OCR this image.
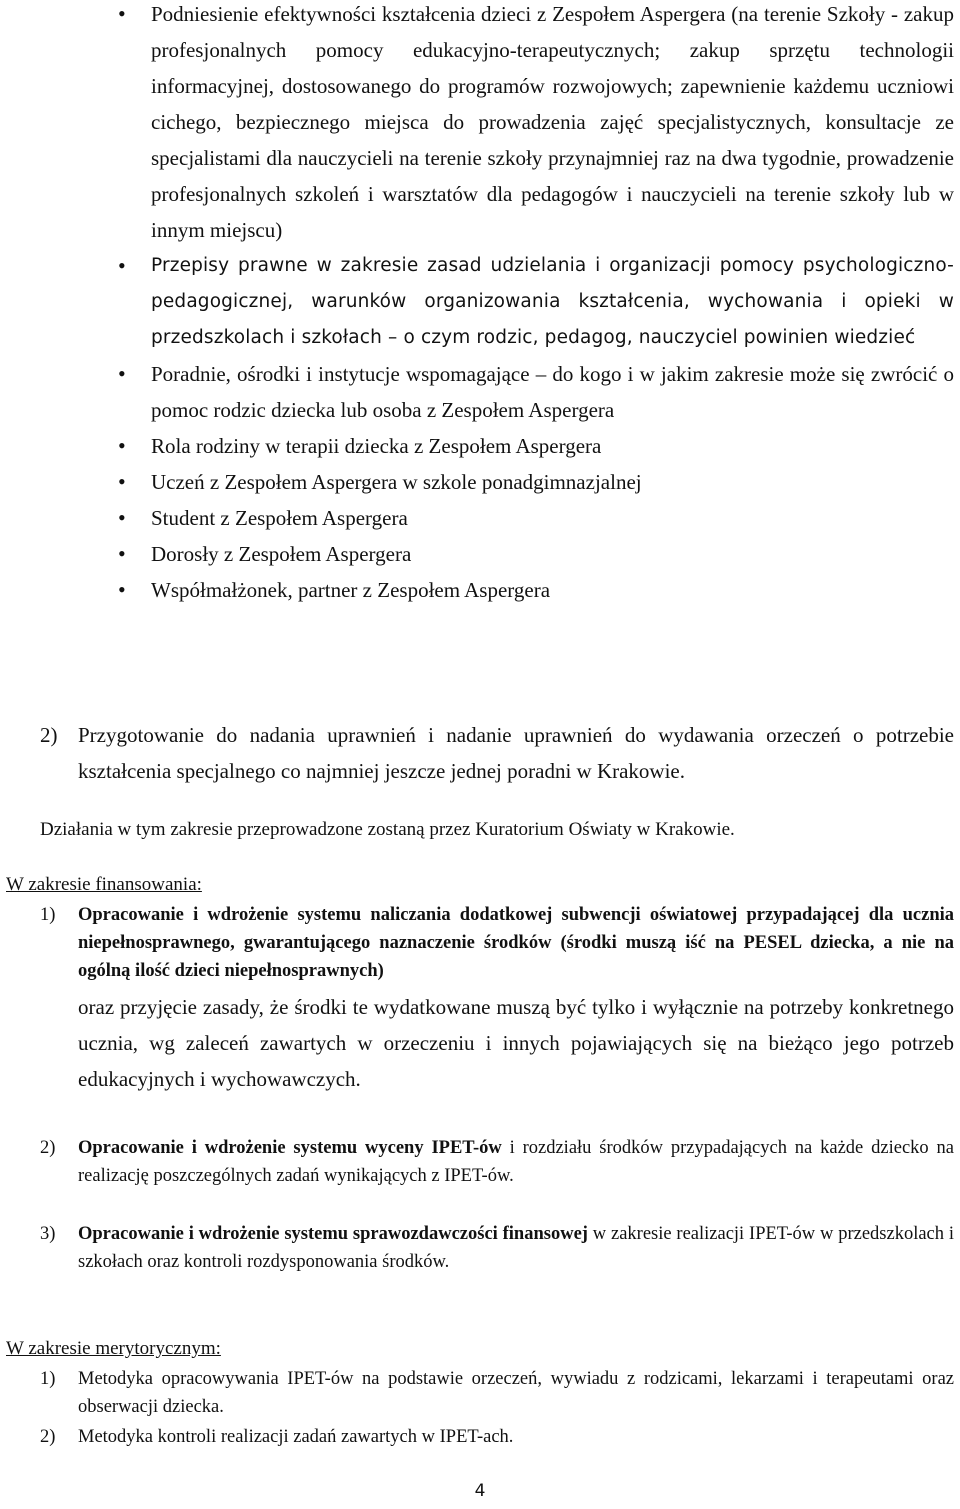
• Podniesienie efektywności kształcenia dzieci z Zespołem Aspergera (na terenie Szkoły - zakup profesjonalnych pomocy edukacyjno-terapeutycznych; zakup sprzętu technologii informacyjnej, dostosowanego do programów rozwojowych; zapewnienie każdemu uczniowi cichego, bezpiecznego miejsca do prowadzenia zajęć specjalistycznych, konsultacje ze specjalistami dla nauczycieli na terenie szkoły przynajmniej raz na dwa tygodnie, prowadzenie profesjonalnych szkoleń i warsztatów dla pedagogów i nauczycieli na terenie szkoły lub w innym miejscu)

• Przepisy prawne w zakresie zasad udzielania i organizacji pomocy psychologiczno-pedagogicznej, warunków organizowania kształcenia, wychowania i opieki w przedszkolach i szkołach – o czym rodzic, pedagog, nauczyciel powinien wiedzieć

• Poradnie, ośrodki i instytucje wspomagające – do kogo i w jakim zakresie może się zwrócić o pomoc rodzic dziecka lub osoba z Zespołem Aspergera

• Rola rodziny w terapii dziecka z Zespołem Aspergera

• Uczeń z Zespołem Aspergera w szkole ponadgimnazjalnej

• Student z Zespołem Aspergera

• Dorosły z Zespołem Aspergera

• Współmałżonek, partner z Zespołem Aspergera

2) Przygotowanie do nadania uprawnień i nadanie uprawnień do wydawania orzeczeń o potrzebie kształcenia specjalnego co najmniej jeszcze jednej poradni w Krakowie.
Działania w tym zakresie przeprowadzone zostaną przez Kuratorium Oświaty w Krakowie.
W zakresie finansowania:
1) Opracowanie i wdrożenie systemu naliczania dodatkowej subwencji oświatowej przypadającej dla ucznia niepełnosprawnego, gwarantującego naznaczenie środków (środki muszą iść na PESEL dziecka, a nie na ogólną ilość dzieci niepełnosprawnych)
oraz przyjęcie zasady, że środki te wydatkowane muszą być tylko i wyłącznie na potrzeby konkretnego ucznia, wg zaleceń zawartych w orzeczeniu i innych pojawiających się na bieżąco jego potrzeb edukacyjnych i wychowawczych.
2) Opracowanie i wdrożenie systemu wyceny IPET-ów i rozdziału środków przypadających na każde dziecko na realizację poszczególnych zadań wynikających z IPET-ów.
3) Opracowanie i wdrożenie systemu sprawozdawczości finansowej w zakresie realizacji IPET-ów w przedszkolach i szkołach oraz kontroli rozdysponowania środków.
W zakresie merytorycznym:
1) Metodyka opracowywania IPET-ów na podstawie orzeczeń, wywiadu z rodzicami, lekarzami i terapeutami oraz obserwacji dziecka.
2) Metodyka kontroli realizacji zadań zawartych w IPET-ach.
4
